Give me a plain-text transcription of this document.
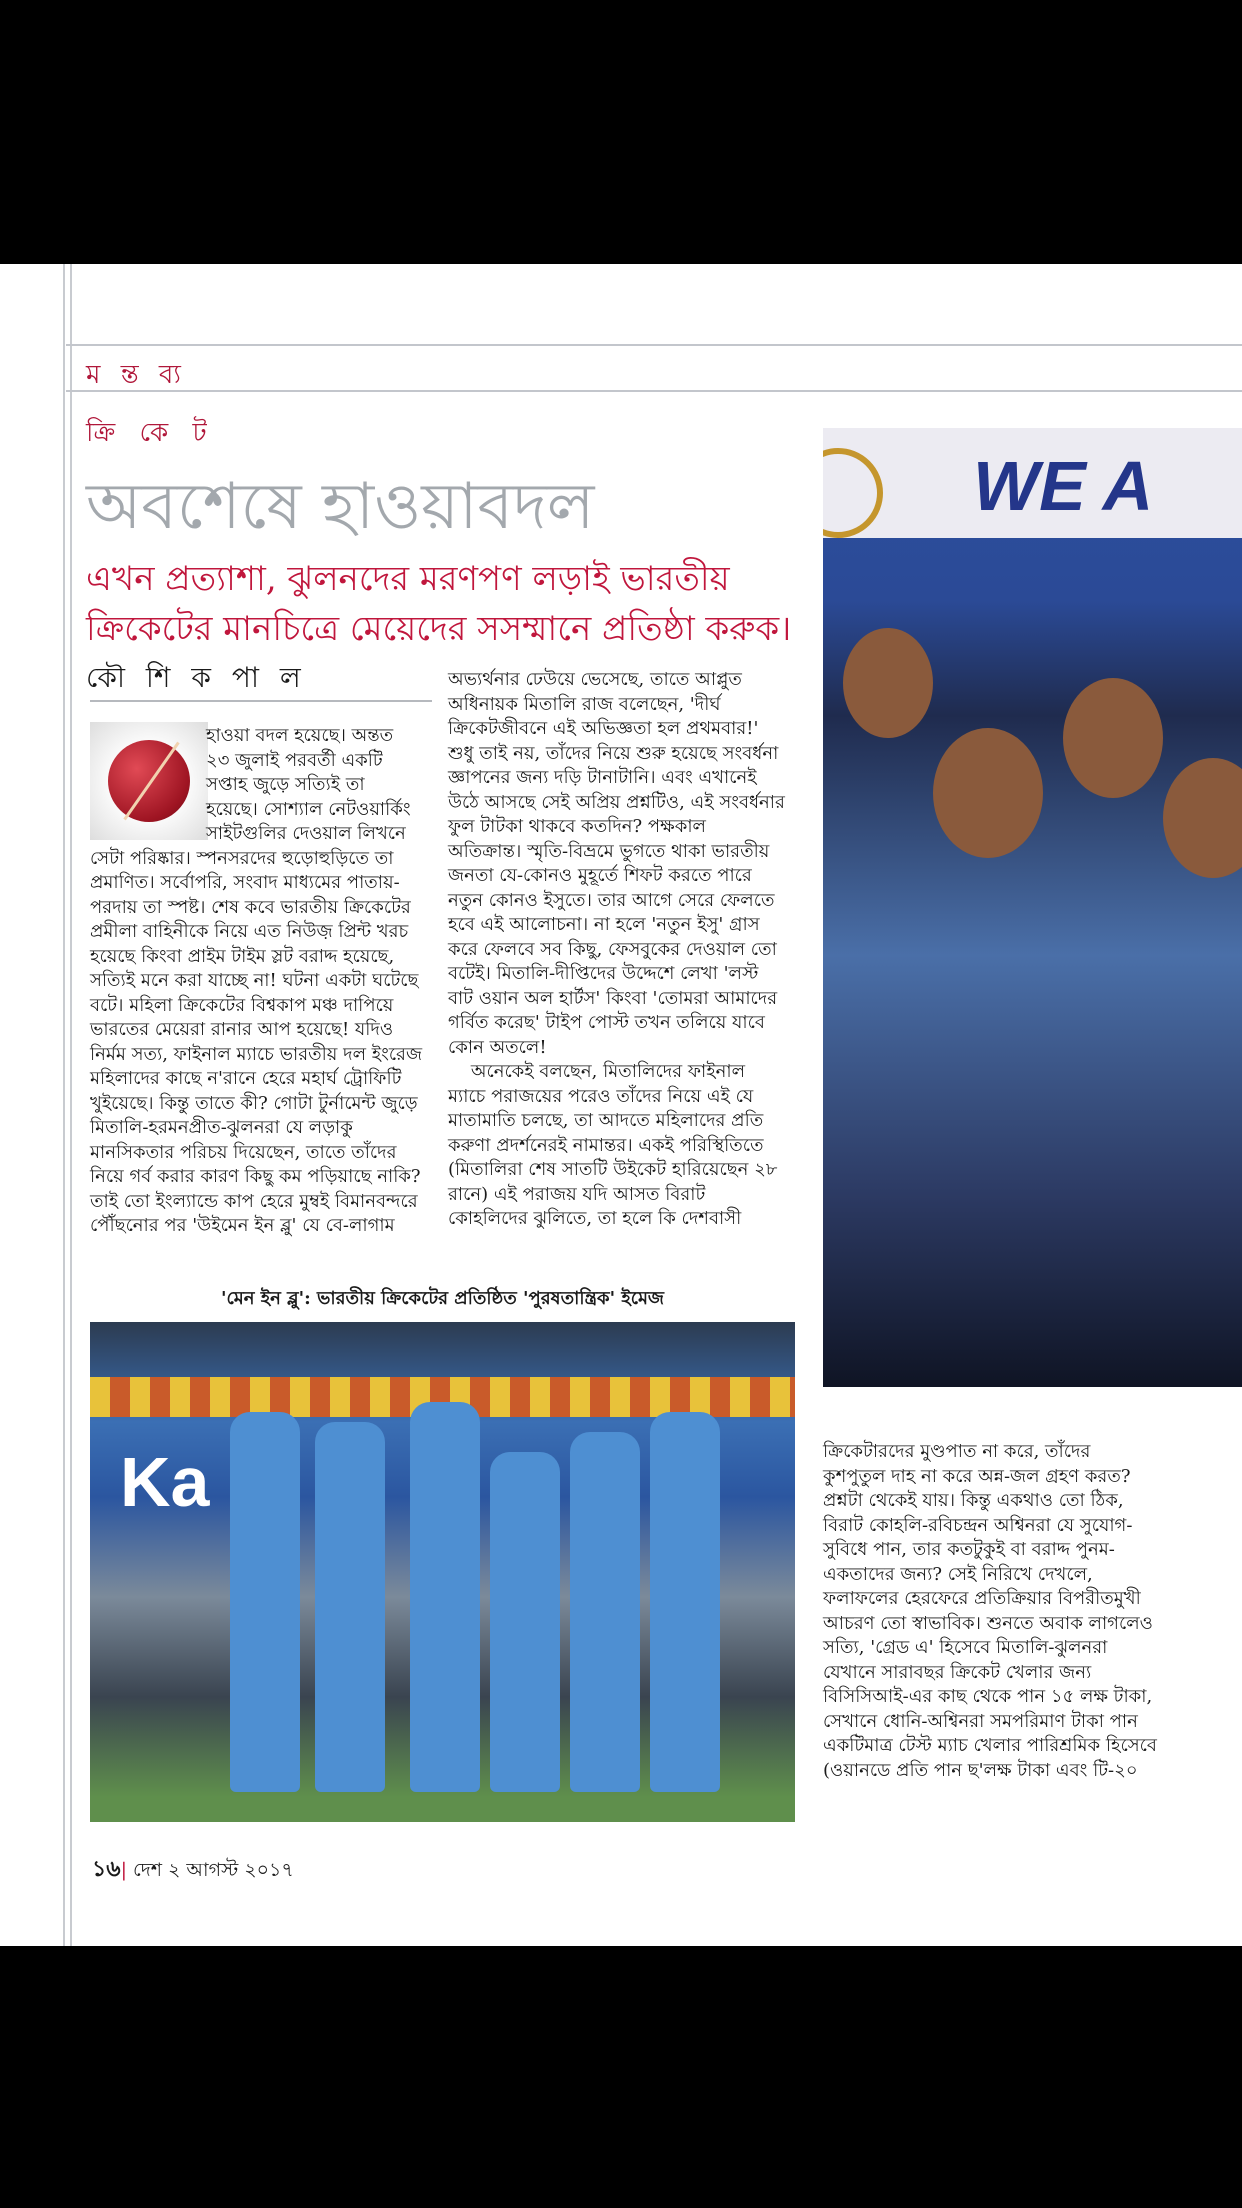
ম ন্ত ব্য
ক্রি কে ট
অবশেষে হাওয়াবদল
এখন প্রত্যাশা, ঝুলনদের মরণপণ লড়াই ভারতীয়
ক্রিকেটের মানচিত্রে মেয়েদের সসম্মানে প্রতিষ্ঠা করুক।
কৌ শি ক পা ল

হাওয়া বদল হয়েছে। অন্তত

২৩ জুলাই পরবর্তী একটি

সপ্তাহ জুড়ে সত্যিই তা

হয়েছে। সোশ্যাল নেটওয়ার্কিং

সাইটগুলির দেওয়াল লিখনে

সেটা পরিষ্কার। স্পনসরদের হুড়োহুড়িতে তা

প্রমাণিত। সর্বোপরি, সংবাদ মাধ্যমের পাতায়-

পরদায় তা স্পষ্ট। শেষ কবে ভারতীয় ক্রিকেটের

প্রমীলা বাহিনীকে নিয়ে এত নিউজ় প্রিন্ট খরচ

হয়েছে কিংবা প্রাইম টাইম স্লট বরাদ্দ হয়েছে,

সত্যিই মনে করা যাচ্ছে না! ঘটনা একটা ঘটেছে

বটে। মহিলা ক্রিকেটের বিশ্বকাপ মঞ্চ দাপিয়ে

ভারতের মেয়েরা রানার আপ হয়েছে! যদিও

নির্মম সত্য, ফাইনাল ম্যাচে ভারতীয় দল ইংরেজ

মহিলাদের কাছে ন'রানে হেরে মহার্ঘ ট্রোফিটি

খুইয়েছে। কিন্তু তাতে কী? গোটা টুর্নামেন্ট জুড়ে

মিতালি-হরমনপ্রীত-ঝুলনরা যে লড়াকু

মানসিকতার পরিচয় দিয়েছেন, তাতে তাঁদের

নিয়ে গর্ব করার কারণ কিছু কম পড়িয়াছে নাকি?

তাই তো ইংল্যান্ডে কাপ হেরে মুম্বই বিমানবন্দরে

পৌঁছনোর পর 'উইমেন ইন ব্লু' যে বে-লাগাম

অভ্যর্থনার ঢেউয়ে ভেসেছে, তাতে আপ্লুত

অধিনায়ক মিতালি রাজ বলেছেন, 'দীর্ঘ

ক্রিকেটজীবনে এই অভিজ্ঞতা হল প্রথমবার!'

শুধু তাই নয়, তাঁদের নিয়ে শুরু হয়েছে সংবর্ধনা

জ্ঞাপনের জন্য দড়ি টানাটানি। এবং এখানেই

উঠে আসছে সেই অপ্রিয় প্রশ্নটিও, এই সংবর্ধনার

ফুল টাটকা থাকবে কতদিন? পক্ষকাল

অতিক্রান্ত। স্মৃতি-বিভ্রমে ভুগতে থাকা ভারতীয়

জনতা যে-কোনও মুহূর্তে শিফট করতে পারে

নতুন কোনও ইসুতে। তার আগে সেরে ফেলতে

হবে এই আলোচনা। না হলে 'নতুন ইসু' গ্রাস

করে ফেলবে সব কিছু, ফেসবুকের দেওয়াল তো

বটেই। মিতালি-দীপ্তিদের উদ্দেশে লেখা 'লস্ট

বাট ওয়ান অল হার্টস' কিংবা 'তোমরা আমাদের

গর্বিত করেছ' টাইপ পোস্ট তখন তলিয়ে যাবে

কোন অতলে!

অনেকেই বলছেন, মিতালিদের ফাইনাল

ম্যাচে পরাজয়ের পরেও তাঁদের নিয়ে এই যে

মাতামাতি চলছে, তা আদতে মহিলাদের প্রতি

করুণা প্রদর্শনেরই নামান্তর। একই পরিস্থিতিতে

(মিতালিরা শেষ সাতটি উইকেট হারিয়েছেন ২৮

রানে) এই পরাজয় যদি আসত বিরাট

কোহলিদের ঝুলিতে, তা হলে কি দেশবাসী

ক্রিকেটারদের মুণ্ডপাত না করে, তাঁদের

কুশপুতুল দাহ না করে অন্ন-জল গ্রহণ করত?

প্রশ্নটা থেকেই যায়। কিন্তু একথাও তো ঠিক,

বিরাট কোহলি-রবিচন্দ্রন অশ্বিনরা যে সুযোগ-

সুবিধে পান, তার কতটুকুই বা বরাদ্দ পুনম-

একতাদের জন্য? সেই নিরিখে দেখলে,

ফলাফলের হেরফেরে প্রতিক্রিয়ার বিপরীতমুখী

আচরণ তো স্বাভাবিক। শুনতে অবাক লাগলেও

সত্যি, 'গ্রেড এ' হিসেবে মিতালি-ঝুলনরা

যেখানে সারাবছর ক্রিকেট খেলার জন্য

বিসিসিআই-এর কাছ থেকে পান ১৫ লক্ষ টাকা,

সেখানে ধোনি-অশ্বিনরা সমপরিমাণ টাকা পান

একটিমাত্র টেস্ট ম্যাচ খেলার পারিশ্রমিক হিসেবে

(ওয়ানডে প্রতি পান ছ'লক্ষ টাকা এবং টি-২০

WE A
'মেন ইন ব্লু': ভারতীয় ক্রিকেটের প্রতিষ্ঠিত 'পুরষতান্ত্রিক' ইমেজ
Ka
১৬| দেশ ২ আগস্ট ২০১৭
